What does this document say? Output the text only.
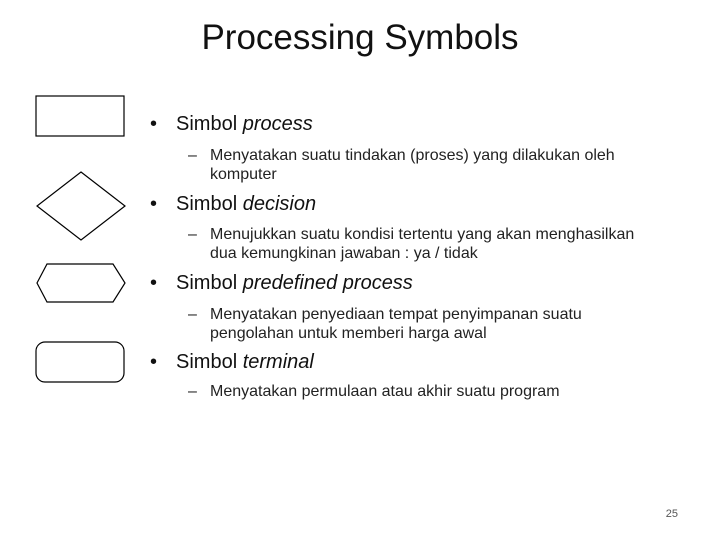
Processing Symbols
• Simbol process
– Menyatakan suatu tindakan (proses) yang dilakukan oleh komputer
• Simbol decision
– Menujukkan suatu kondisi tertentu yang akan menghasilkan dua kemungkinan jawaban : ya / tidak
• Simbol predefined process
– Menyatakan penyediaan tempat penyimpanan suatu pengolahan untuk memberi harga awal
• Simbol terminal
– Menyatakan permulaan atau akhir suatu program
25
